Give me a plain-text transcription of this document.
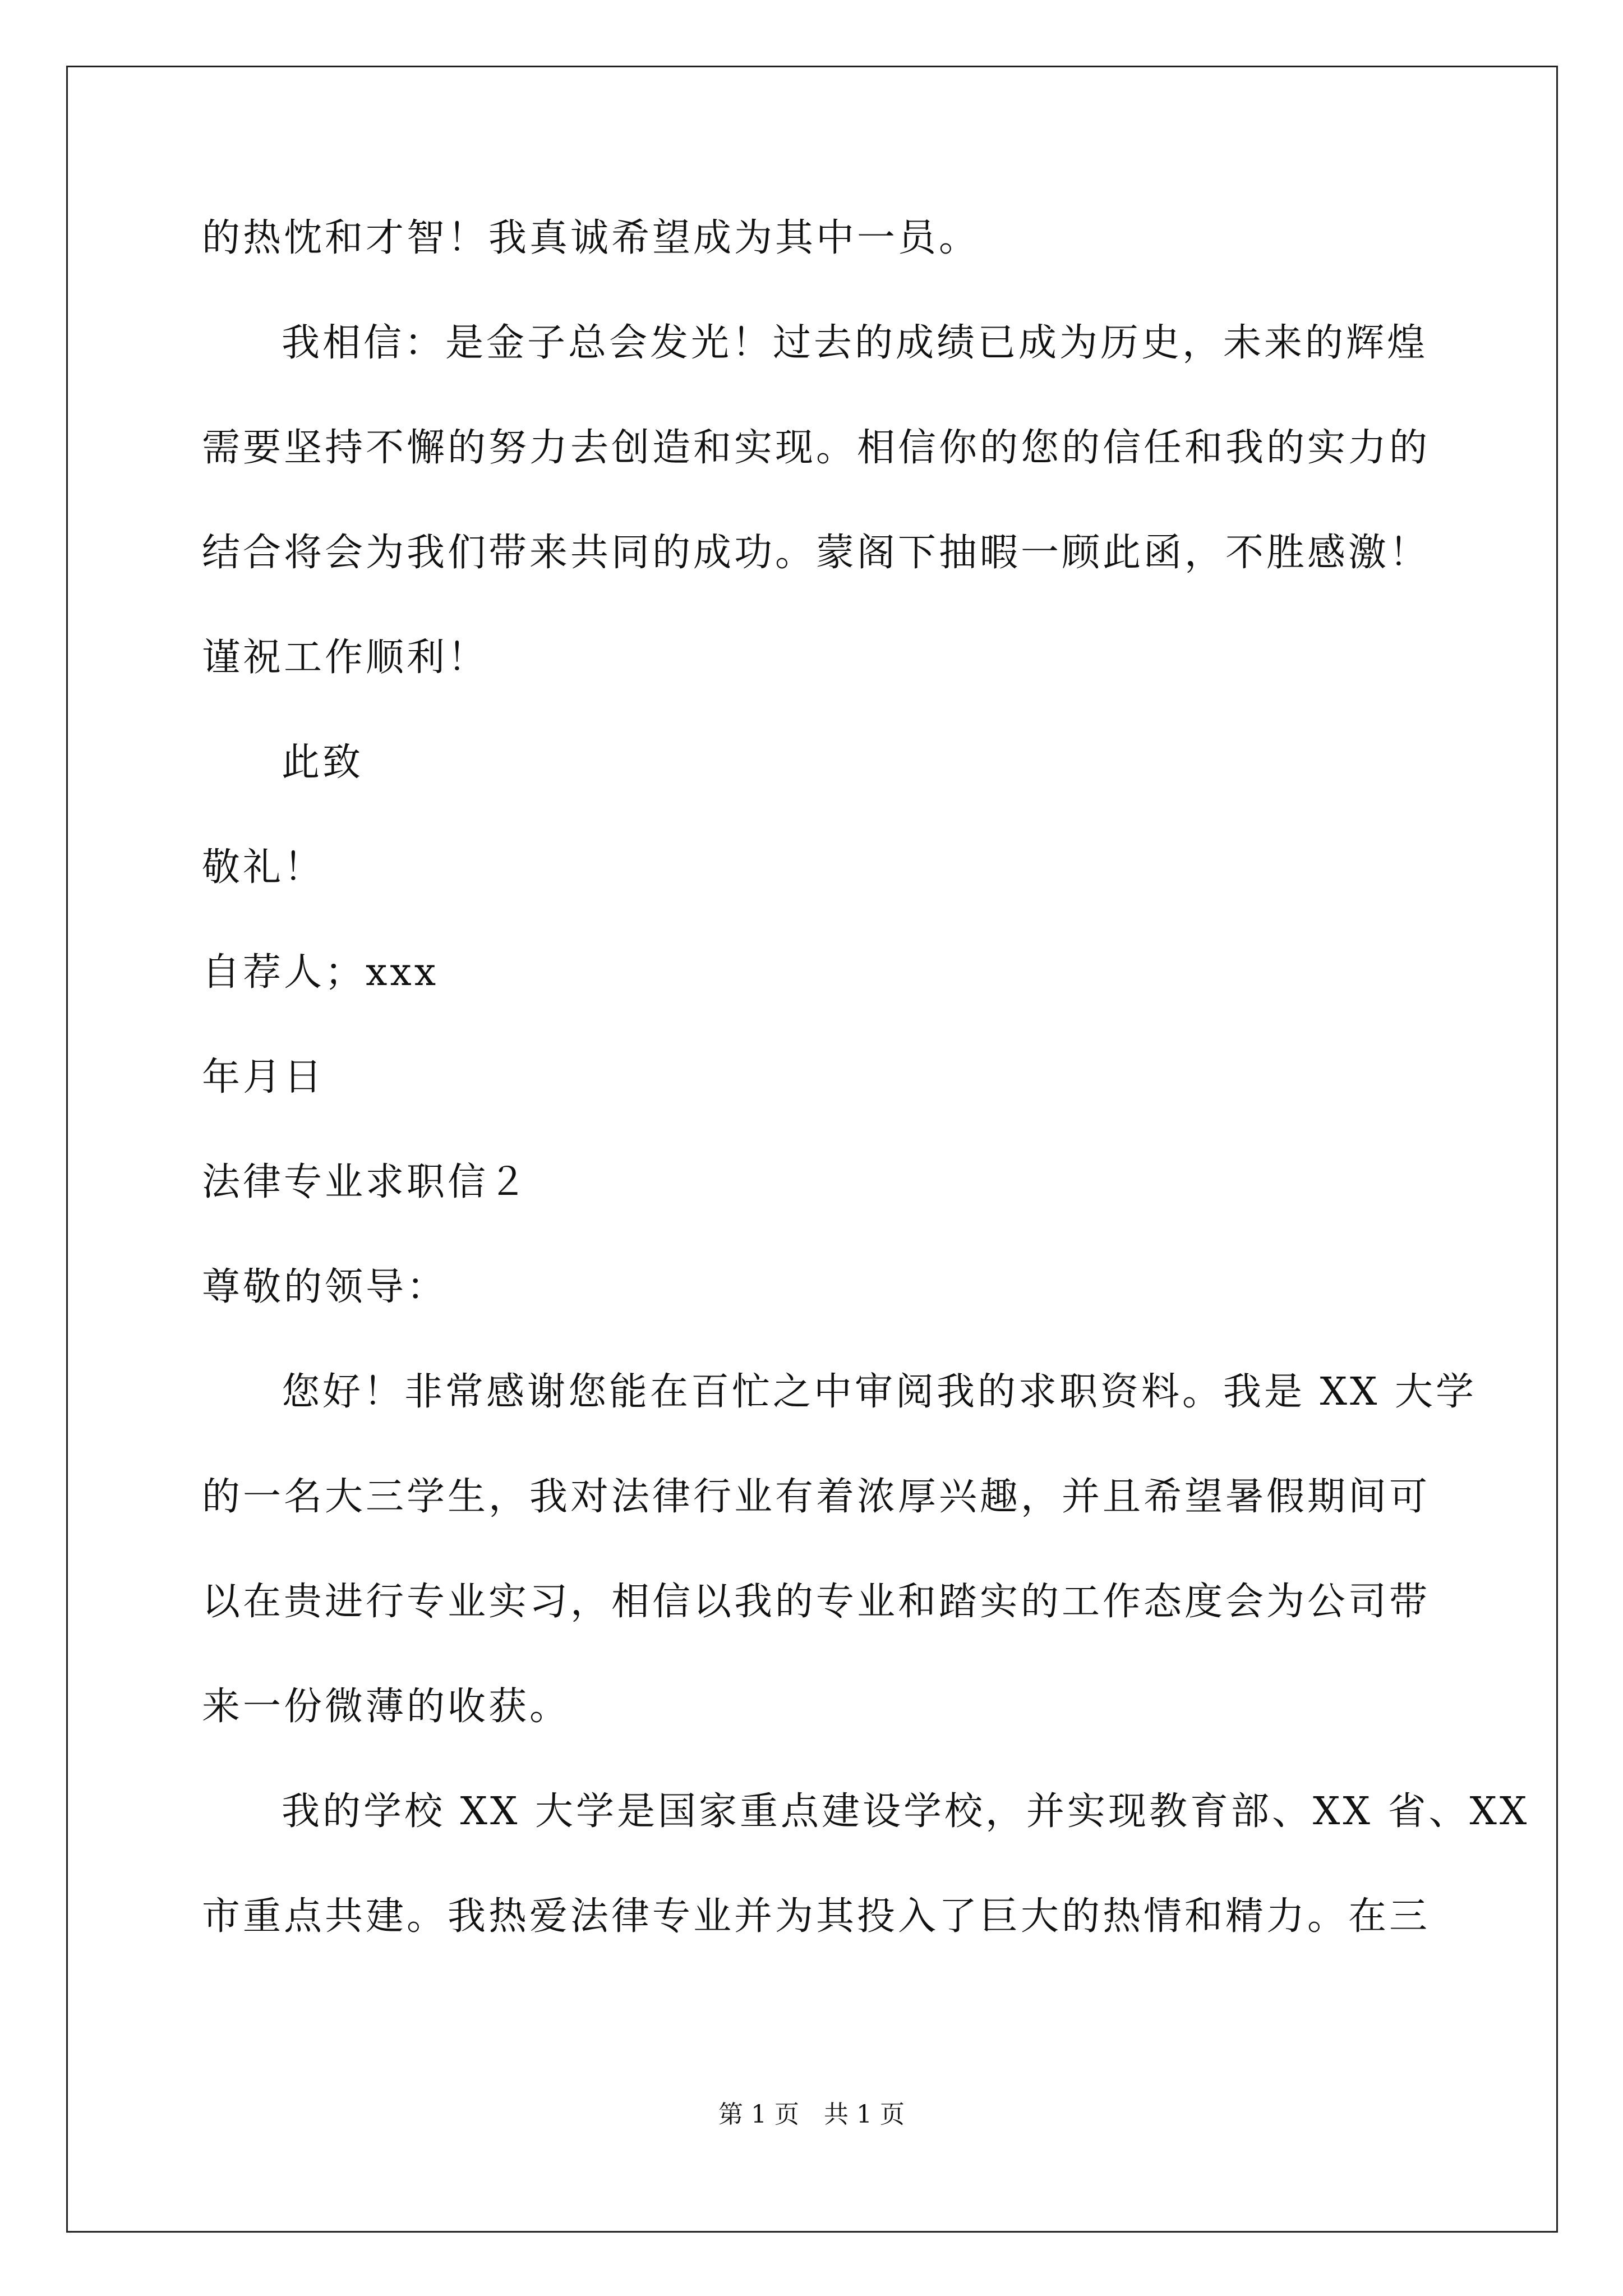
的热忱和才智！我真诚希望成为其中一员。
我相信：是金子总会发光！过去的成绩已成为历史，未来的辉煌
需要坚持不懈的努力去创造和实现。相信你的您的信任和我的实力的
结合将会为我们带来共同的成功。蒙阁下抽暇一顾此函，不胜感激！
谨祝工作顺利！
此致
敬礼！
自荐人；xxx
年月日
法律专业求职信２
尊敬的领导：
您好！非常感谢您能在百忙之中审阅我的求职资料。我是 XX 大学
的一名大三学生，我对法律行业有着浓厚兴趣，并且希望暑假期间可
以在贵进行专业实习，相信以我的专业和踏实的工作态度会为公司带
来一份微薄的收获。
我的学校 XX 大学是国家重点建设学校，并实现教育部、XX 省、XX
市重点共建。我热爱法律专业并为其投入了巨大的热情和精力。在三
第 1 页　共 1 页
